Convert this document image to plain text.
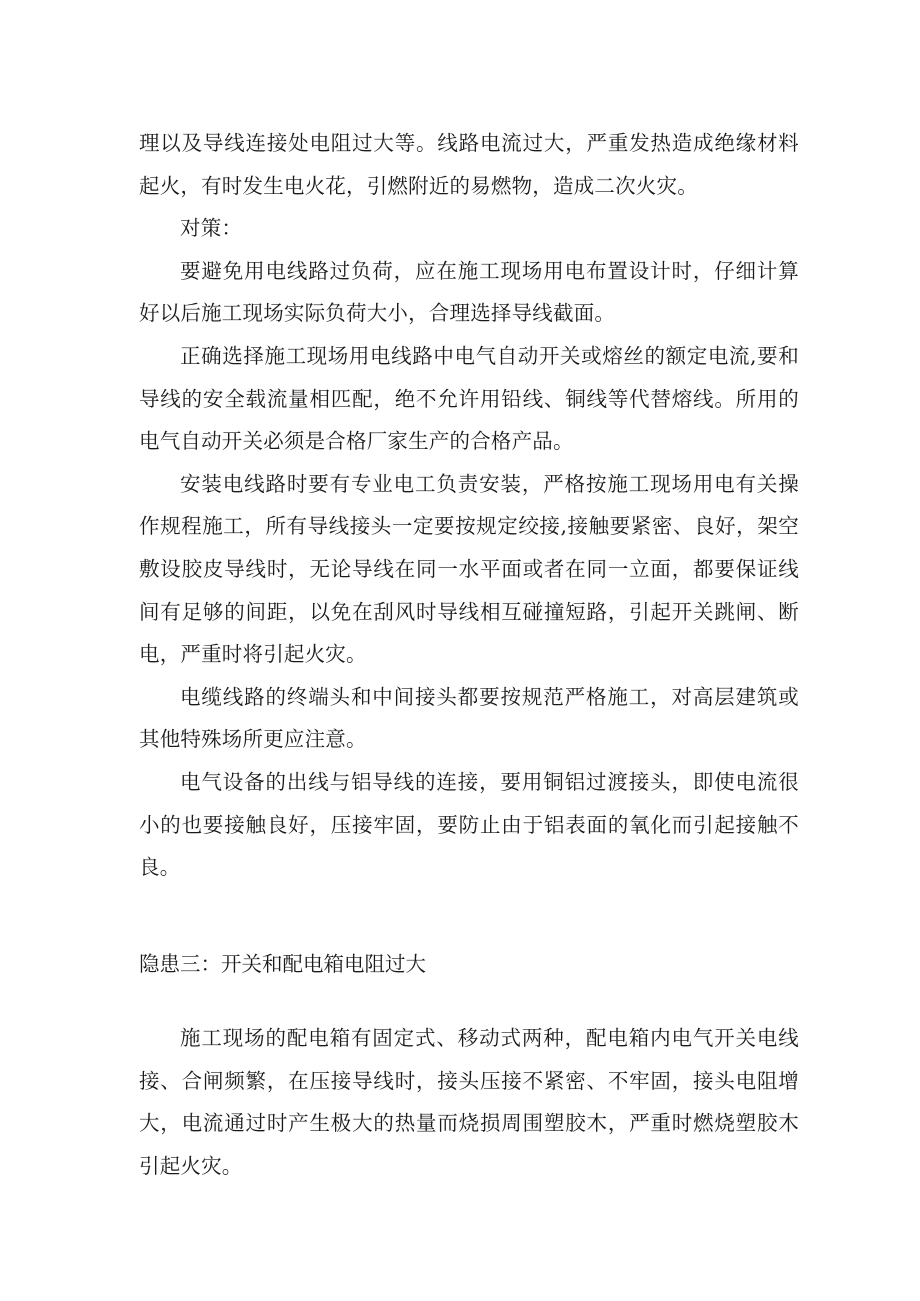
理以及导线连接处电阻过大等。线路电流过大，严重发热造成绝缘材料起火，有时发生电火花，引燃附近的易燃物，造成二次火灾。

对策：

要避免用电线路过负荷，应在施工现场用电布置设计时，仔细计算好以后施工现场实际负荷大小，合理选择导线截面。

正确选择施工现场用电线路中电气自动开关或熔丝的额定电流,要和导线的安全载流量相匹配，绝不允许用铅线、铜线等代替熔线。所用的电气自动开关必须是合格厂家生产的合格产品。

安装电线路时要有专业电工负责安装，严格按施工现场用电有关操作规程施工，所有导线接头一定要按规定绞接,接触要紧密、良好，架空敷设胶皮导线时，无论导线在同一水平面或者在同一立面，都要保证线间有足够的间距，以免在刮风时导线相互碰撞短路，引起开关跳闸、断电，严重时将引起火灾。

电缆线路的终端头和中间接头都要按规范严格施工，对高层建筑或其他特殊场所更应注意。

电气设备的出线与铝导线的连接，要用铜铝过渡接头，即使电流很小的也要接触良好，压接牢固，要防止由于铝表面的氧化而引起接触不良。

隐患三：开关和配电箱电阻过大

施工现场的配电箱有固定式、移动式两种，配电箱内电气开关电线接、合闸频繁，在压接导线时，接头压接不紧密、不牢固，接头电阻增大，电流通过时产生极大的热量而烧损周围塑胶木，严重时燃烧塑胶木引起火灾。
